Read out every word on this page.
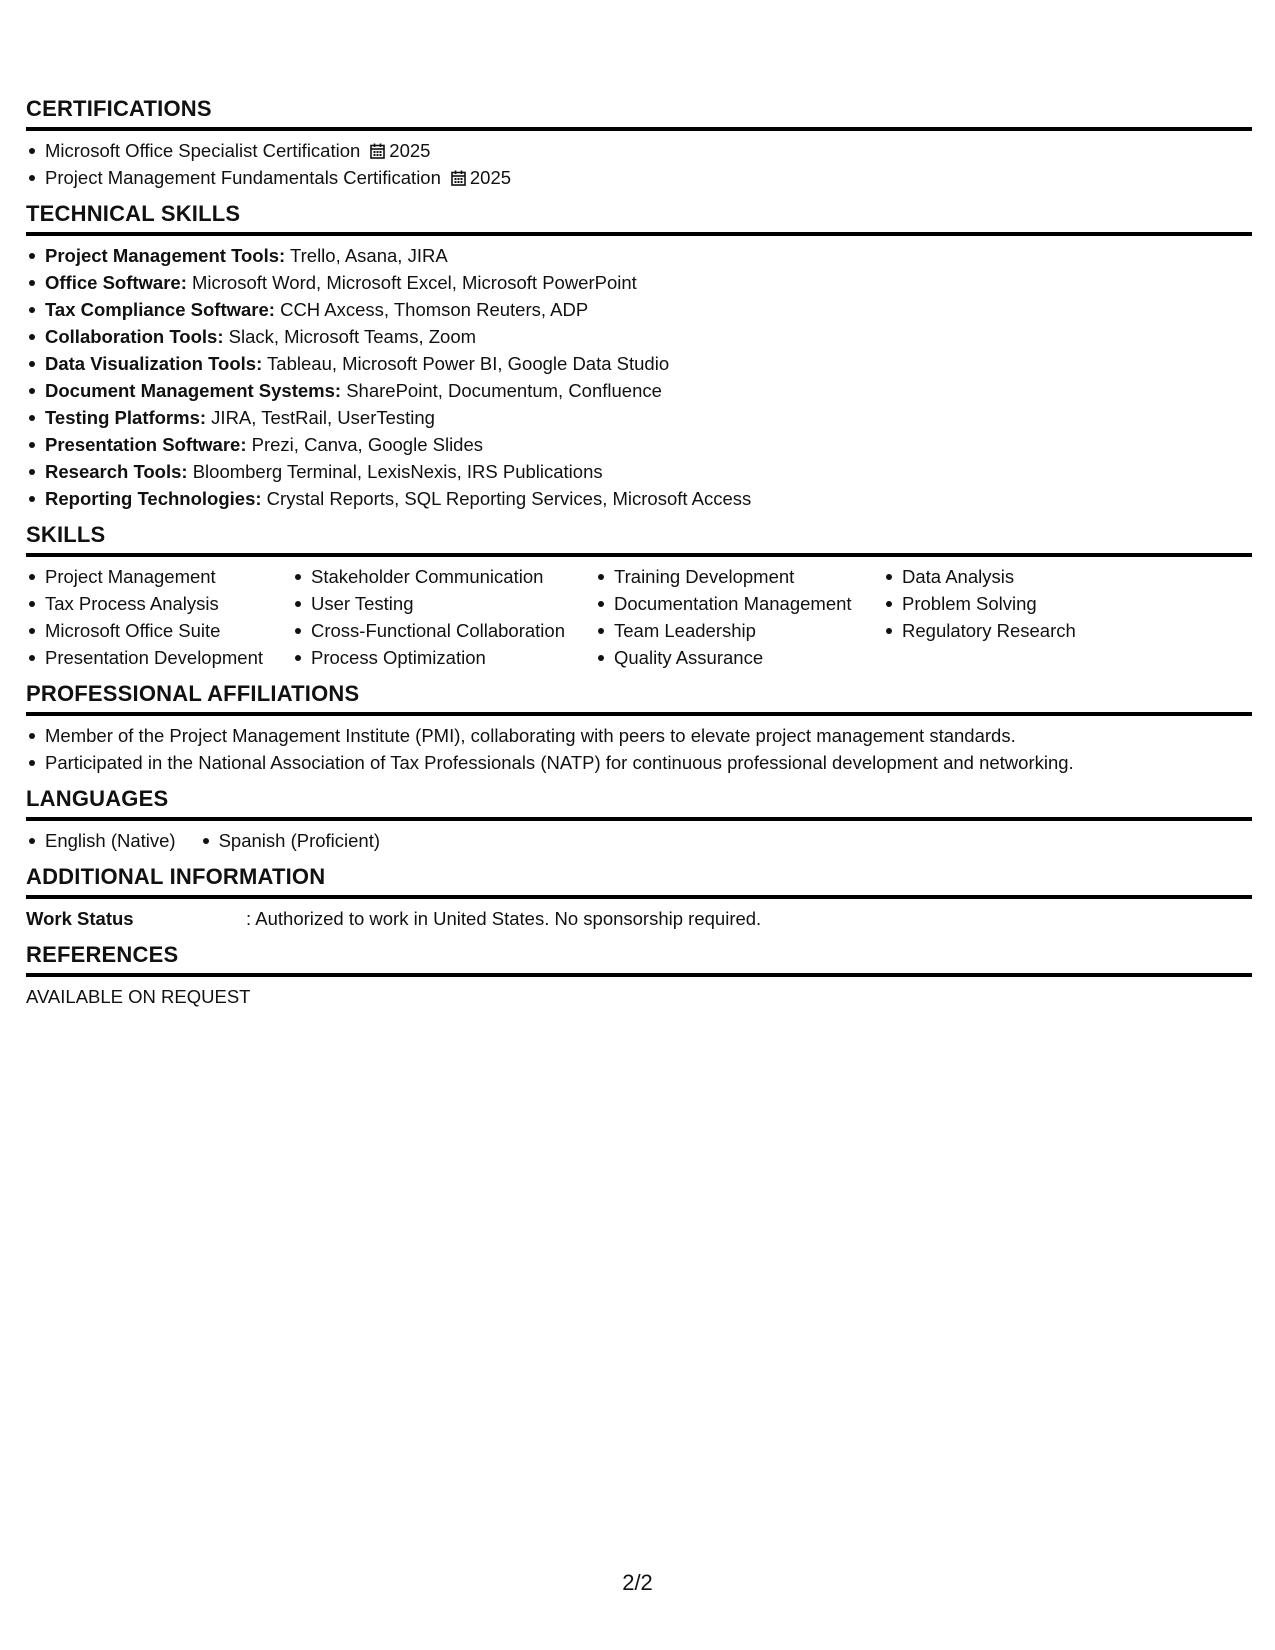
CERTIFICATIONS
Microsoft Office Specialist Certification 2025
Project Management Fundamentals Certification 2025
TECHNICAL SKILLS
Project Management Tools: Trello, Asana, JIRA
Office Software: Microsoft Word, Microsoft Excel, Microsoft PowerPoint
Tax Compliance Software: CCH Axcess, Thomson Reuters, ADP
Collaboration Tools: Slack, Microsoft Teams, Zoom
Data Visualization Tools: Tableau, Microsoft Power BI, Google Data Studio
Document Management Systems: SharePoint, Documentum, Confluence
Testing Platforms: JIRA, TestRail, UserTesting
Presentation Software: Prezi, Canva, Google Slides
Research Tools: Bloomberg Terminal, LexisNexis, IRS Publications
Reporting Technologies: Crystal Reports, SQL Reporting Services, Microsoft Access
SKILLS
Project Management
Tax Process Analysis
Microsoft Office Suite
Presentation Development
Stakeholder Communication
User Testing
Cross-Functional Collaboration
Process Optimization
Training Development
Documentation Management
Team Leadership
Quality Assurance
Data Analysis
Problem Solving
Regulatory Research
PROFESSIONAL AFFILIATIONS
Member of the Project Management Institute (PMI), collaborating with peers to elevate project management standards.
Participated in the National Association of Tax Professionals (NATP) for continuous professional development and networking.
LANGUAGES
English (Native)	Spanish (Proficient)
ADDITIONAL INFORMATION
Work Status	: Authorized to work in United States. No sponsorship required.
REFERENCES
AVAILABLE ON REQUEST
2/2
